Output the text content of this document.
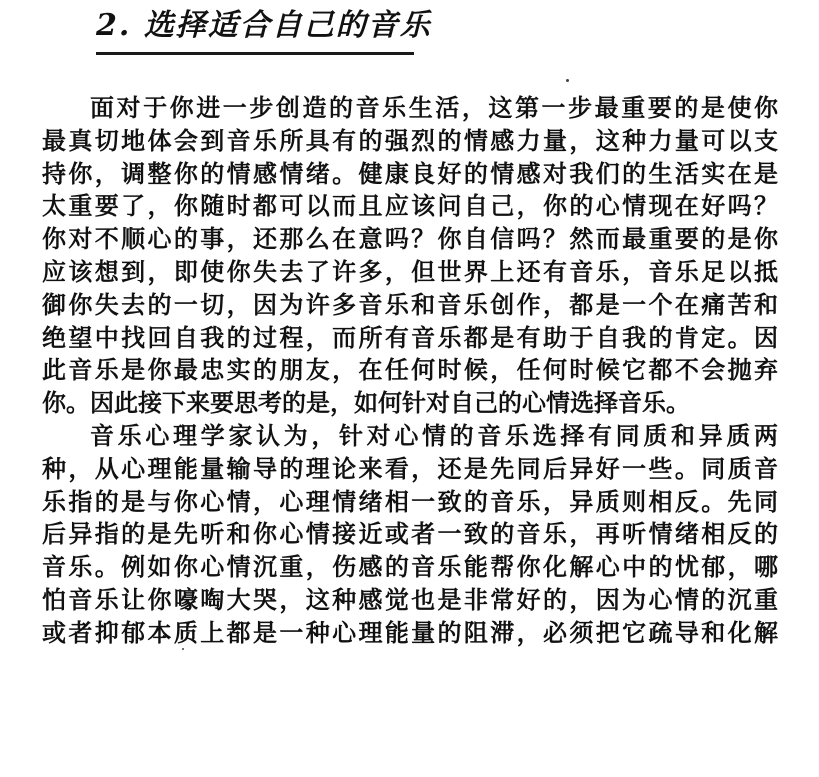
2. 选择适合自己的音乐
面对于你进一步创造的音乐生活，这第一步最重要的是使你
最真切地体会到音乐所具有的强烈的情感力量，这种力量可以支
持你，调整你的情感情绪。健康良好的情感对我们的生活实在是
太重要了，你随时都可以而且应该问自己，你的心情现在好吗？
你对不顺心的事，还那么在意吗？你自信吗？然而最重要的是你
应该想到，即使你失去了许多，但世界上还有音乐，音乐足以抵
御你失去的一切，因为许多音乐和音乐创作，都是一个在痛苦和
绝望中找回自我的过程，而所有音乐都是有助于自我的肯定。因
此音乐是你最忠实的朋友，在任何时候，任何时候它都不会抛弃
你。因此接下来要思考的是，如何针对自己的心情选择音乐。
音乐心理学家认为，针对心情的音乐选择有同质和异质两
种，从心理能量输导的理论来看，还是先同后异好一些。同质音
乐指的是与你心情，心理情绪相一致的音乐，异质则相反。先同
后异指的是先听和你心情接近或者一致的音乐，再听情绪相反的
音乐。例如你心情沉重，伤感的音乐能帮你化解心中的忧郁，哪
怕音乐让你嚎啕大哭，这种感觉也是非常好的，因为心情的沉重
或者抑郁本质上都是一种心理能量的阻滞，必须把它疏导和化解
